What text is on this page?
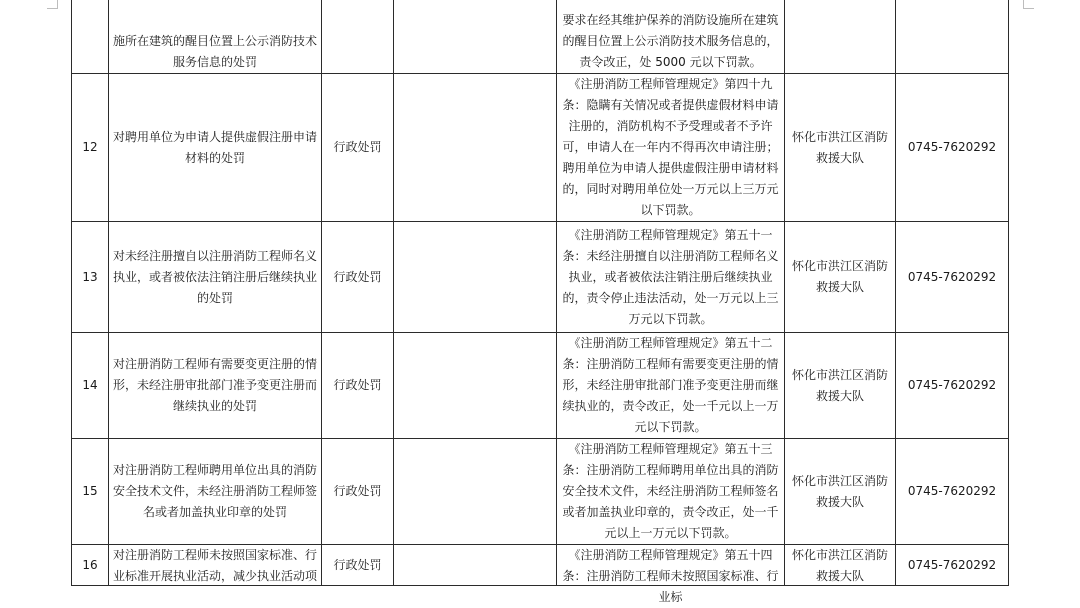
	施所在建筑的醒目位置上公示消防技术服务信息的处罚			要求在经其维护保养的消防设施所在建筑的醒目位置上公示消防技术服务信息的，责令改正，处 5000 元以下罚款。		

12	对聘用单位为申请人提供虚假注册申请材料的处罚	行政处罚		《注册消防工程师管理规定》第四十九条：隐瞒有关情况或者提供虚假材料申请注册的，消防机构不予受理或者不予许可，申请人在一年内不得再次申请注册；聘用单位为申请人提供虚假注册申请材料的，同时对聘用单位处一万元以上三万元以下罚款。	怀化市洪江区消防救援大队	0745-7620292
13	对未经注册擅自以注册消防工程师名义执业，或者被依法注销注册后继续执业的处罚	行政处罚		《注册消防工程师管理规定》第五十一条：未经注册擅自以注册消防工程师名义执业，或者被依法注销注册后继续执业的，责令停止违法活动，处一万元以上三万元以下罚款。	怀化市洪江区消防救援大队	0745-7620292
14	对注册消防工程师有需要变更注册的情形，未经注册审批部门准予变更注册而继续执业的处罚	行政处罚		《注册消防工程师管理规定》第五十二条：注册消防工程师有需要变更注册的情形，未经注册审批部门准予变更注册而继续执业的，责令改正，处一千元以上一万元以下罚款。	怀化市洪江区消防救援大队	0745-7620292
15	对注册消防工程师聘用单位出具的消防安全技术文件，未经注册消防工程师签名或者加盖执业印章的处罚	行政处罚		《注册消防工程师管理规定》第五十三条：注册消防工程师聘用单位出具的消防安全技术文件，未经注册消防工程师签名或者加盖执业印章的，责令改正，处一千元以上一万元以下罚款。	怀化市洪江区消防救援大队	0745-7620292
16	对注册消防工程师未按照国家标准、行业标准开展执业活动，减少执业活动项	行政处罚		《注册消防工程师管理规定》第五十四条：注册消防工程师未按照国家标准、行业标	怀化市洪江区消防救援大队	0745-7620292
